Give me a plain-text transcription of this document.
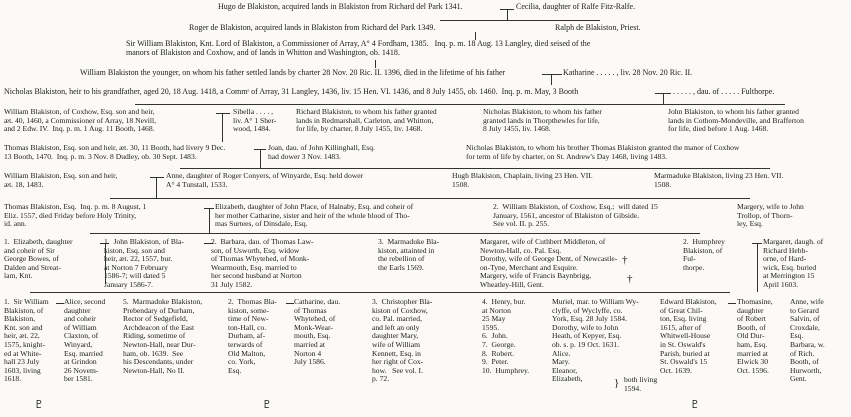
Hugo de Blakiston, acquired lands in Blakiston from Richard del Park 1341.	Cecilia, daughter of Ralfe Fitz-Ralfe.
Roger de Blakiston, acquired lands in Blakiston from Richard del Park 1349.	Ralph de Blakiston, Priest.
Sir William Blakiston, Knt. Lord of Blakiston, a Commissioner of Array, A° 4 Fordham, 1385.   Inq. p. m. 18 Aug. 13 Langley, died seised of the
manors of Blakiston and Coxhow, and of lands in Whitton and Washington, ob. 1418.
William Blakiston the younger, on whom his father settled lands by charter 28 Nov. 20 Ric. II. 1396, died in the lifetime of his father	Katharine . . . . . , liv. 28 Nov. 20 Ric. II.
Nicholas Blakiston, heir to his grandfather, aged 20, 18 Aug. 1418, a Commʳ of Array, 31 Langley, 1436, liv. 15 Hen. VI. 1436, and 8 July 1455, ob. 1460.  Inq. p. m. May, 3 Booth	. . . . . , dau. of . . . . . Fulthorpe.
William Blakiston, of Coxhow, Esq. son and heir,
æt. 40, 1460, a Commissioner of Array, 18 Nevill,
and 2 Edw. IV.  Inq. p. m. 1 Aug. 11 Booth, 1468.
Sibella . . . . ,
liv. A° 1 Sher-
wood, 1484.
Richard Blakiston, to whom his father granted
lands in Redmarshall, Carleton, and Whitton,
for life, by charter, 8 July 1455, liv. 1468.
Nicholas Blakiston, to whom his father
granted lands in Thorpthewles for life,
8 July 1455, liv. 1468.
John Blakiston, to whom his father granted
lands in Cothom-Mondeville, and Brafferton
for life, died before 1 Aug. 1468.
Thomas Blakiston, Esq. son and heir, æt. 30, 11 Booth, had livery 9 Dec.
13 Booth, 1470.  Inq. p. m. 3 Nov. 8 Dudley, ob. 30 Sept. 1483.
Joan, dau. of John Killinghall, Esq.
had dower 3 Nov. 1483.
Nicholas Blakiston, to whom his brother Thomas Blakiston granted the manor of Coxhow
for term of life by charter, on St. Andrew's Day 1468, living 1483.
William Blakiston, Esq. son and heir,
æt. 18, 1483.
Anne, daughter of Roger Conyers, of Winyarde, Esq. held dower
A° 4 Tunstall, 1533.
Hugh Blakiston, Chaplain, living 23 Hen. VII.
1508.
Marmaduke Blakiston, living 23 Hen. VII.
1508.
Thomas Blakiston, Esq.  Inq. p. m. 8 August, 1
Eliz. 1557, died Friday before Holy Trinity,
id. ann.
Elizabeth, daughter of John Place, of Halnaby, Esq. and coheir of
her mother Catharine, sister and heir of the whole blood of Tho-
mas Surtees, of Dinsdale, Esq.
2.  William Blakiston, of Coxhow, Esq.;  will dated 15
January, 1561, ancestor of Blakiston of Gibside.
See vol. II. p. 255.
Margery, wife to John
Trollop, of Thorn-
ley, Esq.
1.  Elizabeth, daughter
and coheir of Sir
George Bowes, of
Dalden and Streat-
lam, Knt.
1.  John Blakiston, of Bla-
kiston, Esq. son and
heir, æt. 22, 1557, bur.
at Norton 7 February
1586-7; will dated 5
January 1586-7.
2.  Barbara, dau. of Thomas Law-
son, of Usworth, Esq. widow
of Thomas Whytehed, of Monk-
Wearmouth, Esq. married to
her second husband at Norton
31 July 1582.
3.  Marmaduke Bla-
kiston, attainted in
the rebellion of
the Earls 1569.
Margaret, wife of Cuthbert Middleton, of
Newton-Hall, co. Pal. Esq.
Dorothy, wife of George Dent, of Newcastle-
on-Tyne, Merchant and Esquire.
Margery, wife of Francis Baynbrigg,
Wheatley-Hill, Gent.
†
†
2.  Humphrey
Blakiston, of
Ful-
thorpe.
Margaret, daugh. of
Richard Hebb-
orne, of Hard-
wick, Esq. buried
at Merrington 15
April 1603.
1.  Sir William
Blakiston, of
Blakiston,
Knt. son and
heir, æt. 22,
1575, knight-
ed at White-
hall 23 July
1603, living
1618.
Alice, second
daughter
and coheir
of William
Claxton, of
Winyard,
Esq. married
at Grindon
26 Novem-
ber 1581.
5.  Marmaduke Blakiston,
Prebendary of Durham,
Rector of Sedgefield,
Archdeacon of the East
Riding, sometime of
Newton-Hall, near Dur-
ham, ob. 1639.  See
his Descendants, under
Newton-Hall, No II.
2.  Thomas Bla-
kiston, some-
time of New-
ton-Hall, co.
Durham, af-
terwards of
Old Malton,
co. York,
Esq.
Catharine, dau.
of Thomas
Whytehed, of
Monk-Wear-
mouth, Esq.
married at
Norton 4
July 1586.
3.  Christopher Bla-
kiston of Coxhow,
co. Pal. married,
and left an only
daughter Mary,
wife of William
Kennett, Esq. in
her right of Cox-
how.   See vol. I.
p. 72.
4.  Henry, bur.
at Norton
25 May
1595.
6.  John.
7.  George.
8.  Robert.
9.  Peter.
10.  Humphrey.
Muriel, mar. to William Wy-
clyffe, of Wyclyffe, co.
York, Esq. 28 July 1584.
Dorothy, wife to John
Heath, of Kepyer, Esq.
ob. s. p. 19 Oct. 1631.
Alice.
Mary.
Eleanor,
Elizabeth,	} both living
1594.
Edward Blakiston,
of Great Chil-
ton, Esq. living
1615, after of
Whitwell-House
in St. Oswald's
Parish, buried at
St. Oswald's 15
Oct. 1639.
Thomasine,
daughter
of Robert
Booth, of
Old Dur-
ham, Esq.
married at
Elwick 30
Oct. 1596.
Anne, wife
to Gerard
Salvin, of
Croxdale,
Esq.
Barbara, w.
of Rich.
Booth, of
Hurworth,
Gent.
♇	♇	♇
